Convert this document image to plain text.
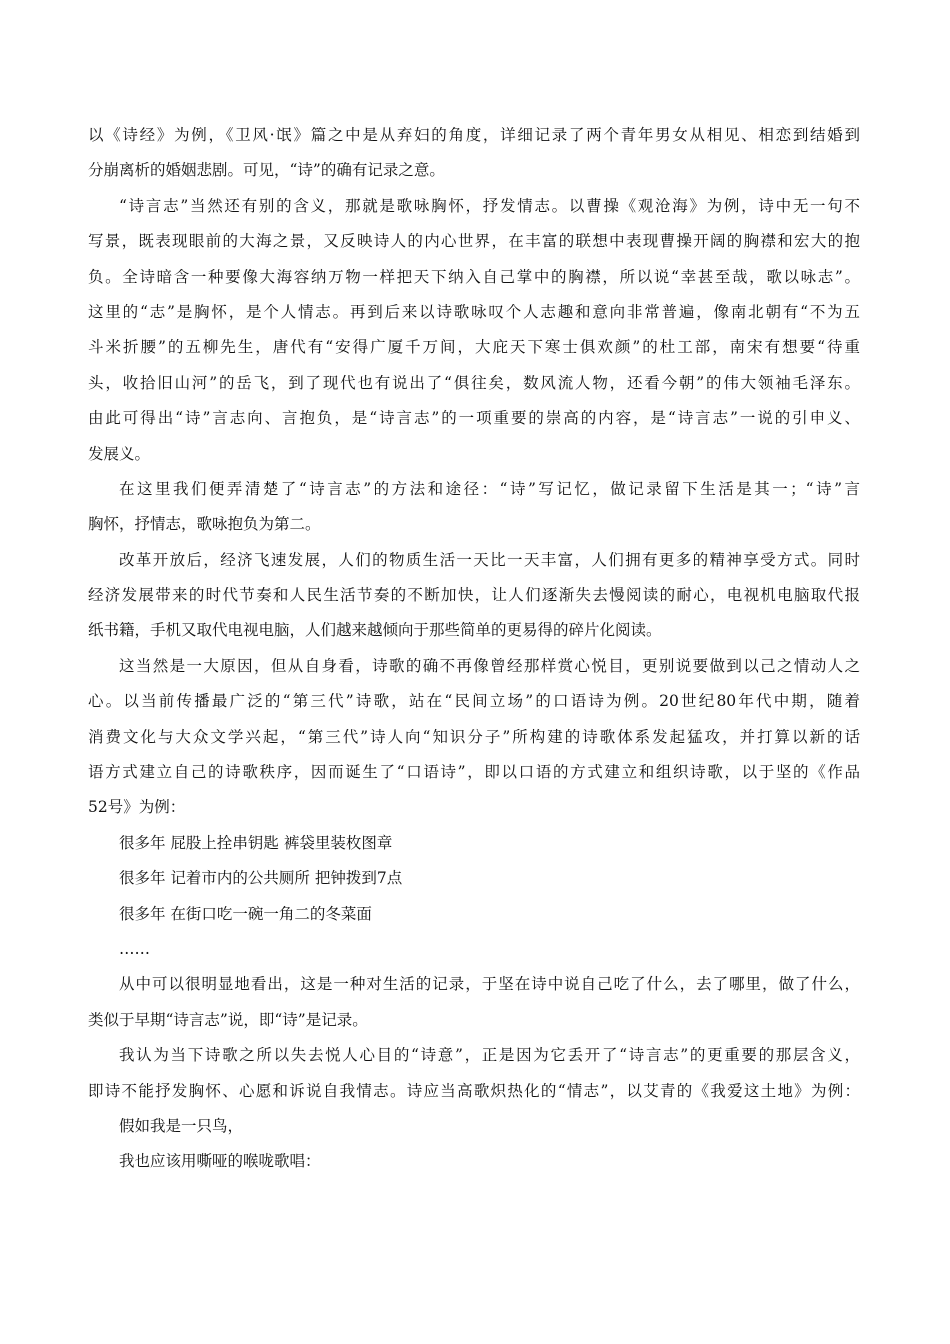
以《诗经》为例，《卫风·氓》篇之中是从弃妇的角度，详细记录了两个青年男女从相见、相恋到结婚到

分崩离析的婚姻悲剧。可见，“诗”的确有记录之意。

“诗言志”当然还有别的含义，那就是歌咏胸怀，抒发情志。以曹操《观沧海》为例，诗中无一句不

写景，既表现眼前的大海之景，又反映诗人的内心世界，在丰富的联想中表现曹操开阔的胸襟和宏大的抱

负。全诗暗含一种要像大海容纳万物一样把天下纳入自己掌中的胸襟，所以说“幸甚至哉，歌以咏志”。

这里的“志”是胸怀，是个人情志。再到后来以诗歌咏叹个人志趣和意向非常普遍，像南北朝有“不为五

斗米折腰”的五柳先生，唐代有“安得广厦千万间，大庇天下寒士俱欢颜”的杜工部，南宋有想要“待重

头，收拾旧山河”的岳飞，到了现代也有说出了“俱往矣，数风流人物，还看今朝”的伟大领袖毛泽东。

由此可得出“诗”言志向、言抱负，是“诗言志”的一项重要的崇高的内容，是“诗言志”一说的引申义、

发展义。

在这里我们便弄清楚了“诗言志”的方法和途径：“诗”写记忆，做记录留下生活是其一；“诗”言

胸怀，抒情志，歌咏抱负为第二。

改革开放后，经济飞速发展，人们的物质生活一天比一天丰富，人们拥有更多的精神享受方式。同时

经济发展带来的时代节奏和人民生活节奏的不断加快，让人们逐渐失去慢阅读的耐心，电视机电脑取代报

纸书籍，手机又取代电视电脑，人们越来越倾向于那些简单的更易得的碎片化阅读。

这当然是一大原因，但从自身看，诗歌的确不再像曾经那样赏心悦目，更别说要做到以己之情动人之

心。以当前传播最广泛的“第三代”诗歌，站在“民间立场”的口语诗为例。20世纪80年代中期，随着

消费文化与大众文学兴起，“第三代”诗人向“知识分子”所构建的诗歌体系发起猛攻，并打算以新的话

语方式建立自己的诗歌秩序，因而诞生了“口语诗”，即以口语的方式建立和组织诗歌，以于坚的《作品

52号》为例：

很多年 屁股上拴串钥匙 裤袋里装枚图章

很多年 记着市内的公共厕所 把钟拨到7点

很多年 在街口吃一碗一角二的冬菜面

……

从中可以很明显地看出，这是一种对生活的记录，于坚在诗中说自己吃了什么，去了哪里，做了什么，

类似于早期“诗言志”说，即“诗”是记录。

我认为当下诗歌之所以失去悦人心目的“诗意”，正是因为它丢开了“诗言志”的更重要的那层含义，

即诗不能抒发胸怀、心愿和诉说自我情志。诗应当高歌炽热化的“情志”，以艾青的《我爱这土地》为例：

假如我是一只鸟，

我也应该用嘶哑的喉咙歌唱：
